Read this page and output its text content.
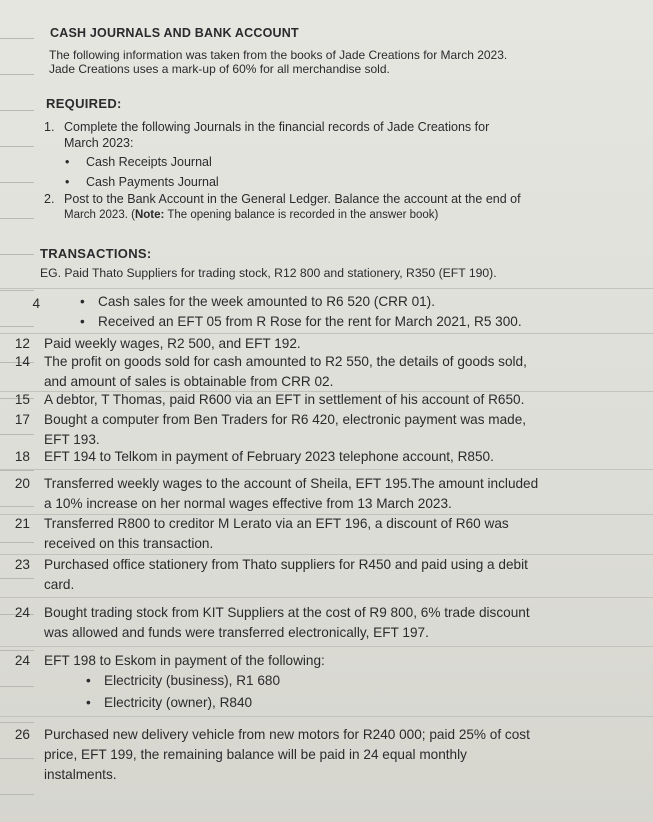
CASH JOURNALS AND BANK ACCOUNT
The following information was taken from the books of Jade Creations for March 2023.
Jade Creations uses a mark-up of 60% for all merchandise sold.
REQUIRED:
1. Complete the following Journals in the financial records of Jade Creations for
March 2023:
• Cash Receipts Journal
• Cash Payments Journal
2. Post to the Bank Account in the General Ledger. Balance the account at the end of
March 2023. (Note: The opening balance is recorded in the answer book)
TRANSACTIONS:
EG. Paid Thato Suppliers for trading stock, R12 800 and stationery, R350 (EFT 190).
4	• Cash sales for the week amounted to R6 520 (CRR 01).
• Received an EFT 05 from R Rose for the rent for March 2021, R5 300.
12 Paid weekly wages, R2 500, and EFT 192.
14 The profit on goods sold for cash amounted to R2 550, the details of goods sold,
and amount of sales is obtainable from CRR 02.
15 A debtor, T Thomas, paid R600 via an EFT in settlement of his account of R650.
17 Bought a computer from Ben Traders for R6 420, electronic payment was made,
EFT 193.
18 EFT 194 to Telkom in payment of February 2023 telephone account, R850.
20 Transferred weekly wages to the account of Sheila, EFT 195.The amount included
a 10% increase on her normal wages effective from 13 March 2023.
21 Transferred R800 to creditor M Lerato via an EFT 196, a discount of R60 was
received on this transaction.
23 Purchased office stationery from Thato suppliers for R450 and paid using a debit
card.
24 Bought trading stock from KIT Suppliers at the cost of R9 800, 6% trade discount
was allowed and funds were transferred electronically, EFT 197.
24 EFT 198 to Eskom in payment of the following:
• Electricity (business), R1 680
• Electricity (owner), R840
26 Purchased new delivery vehicle from new motors for R240 000; paid 25% of cost
price, EFT 199, the remaining balance will be paid in 24 equal monthly
instalments.
